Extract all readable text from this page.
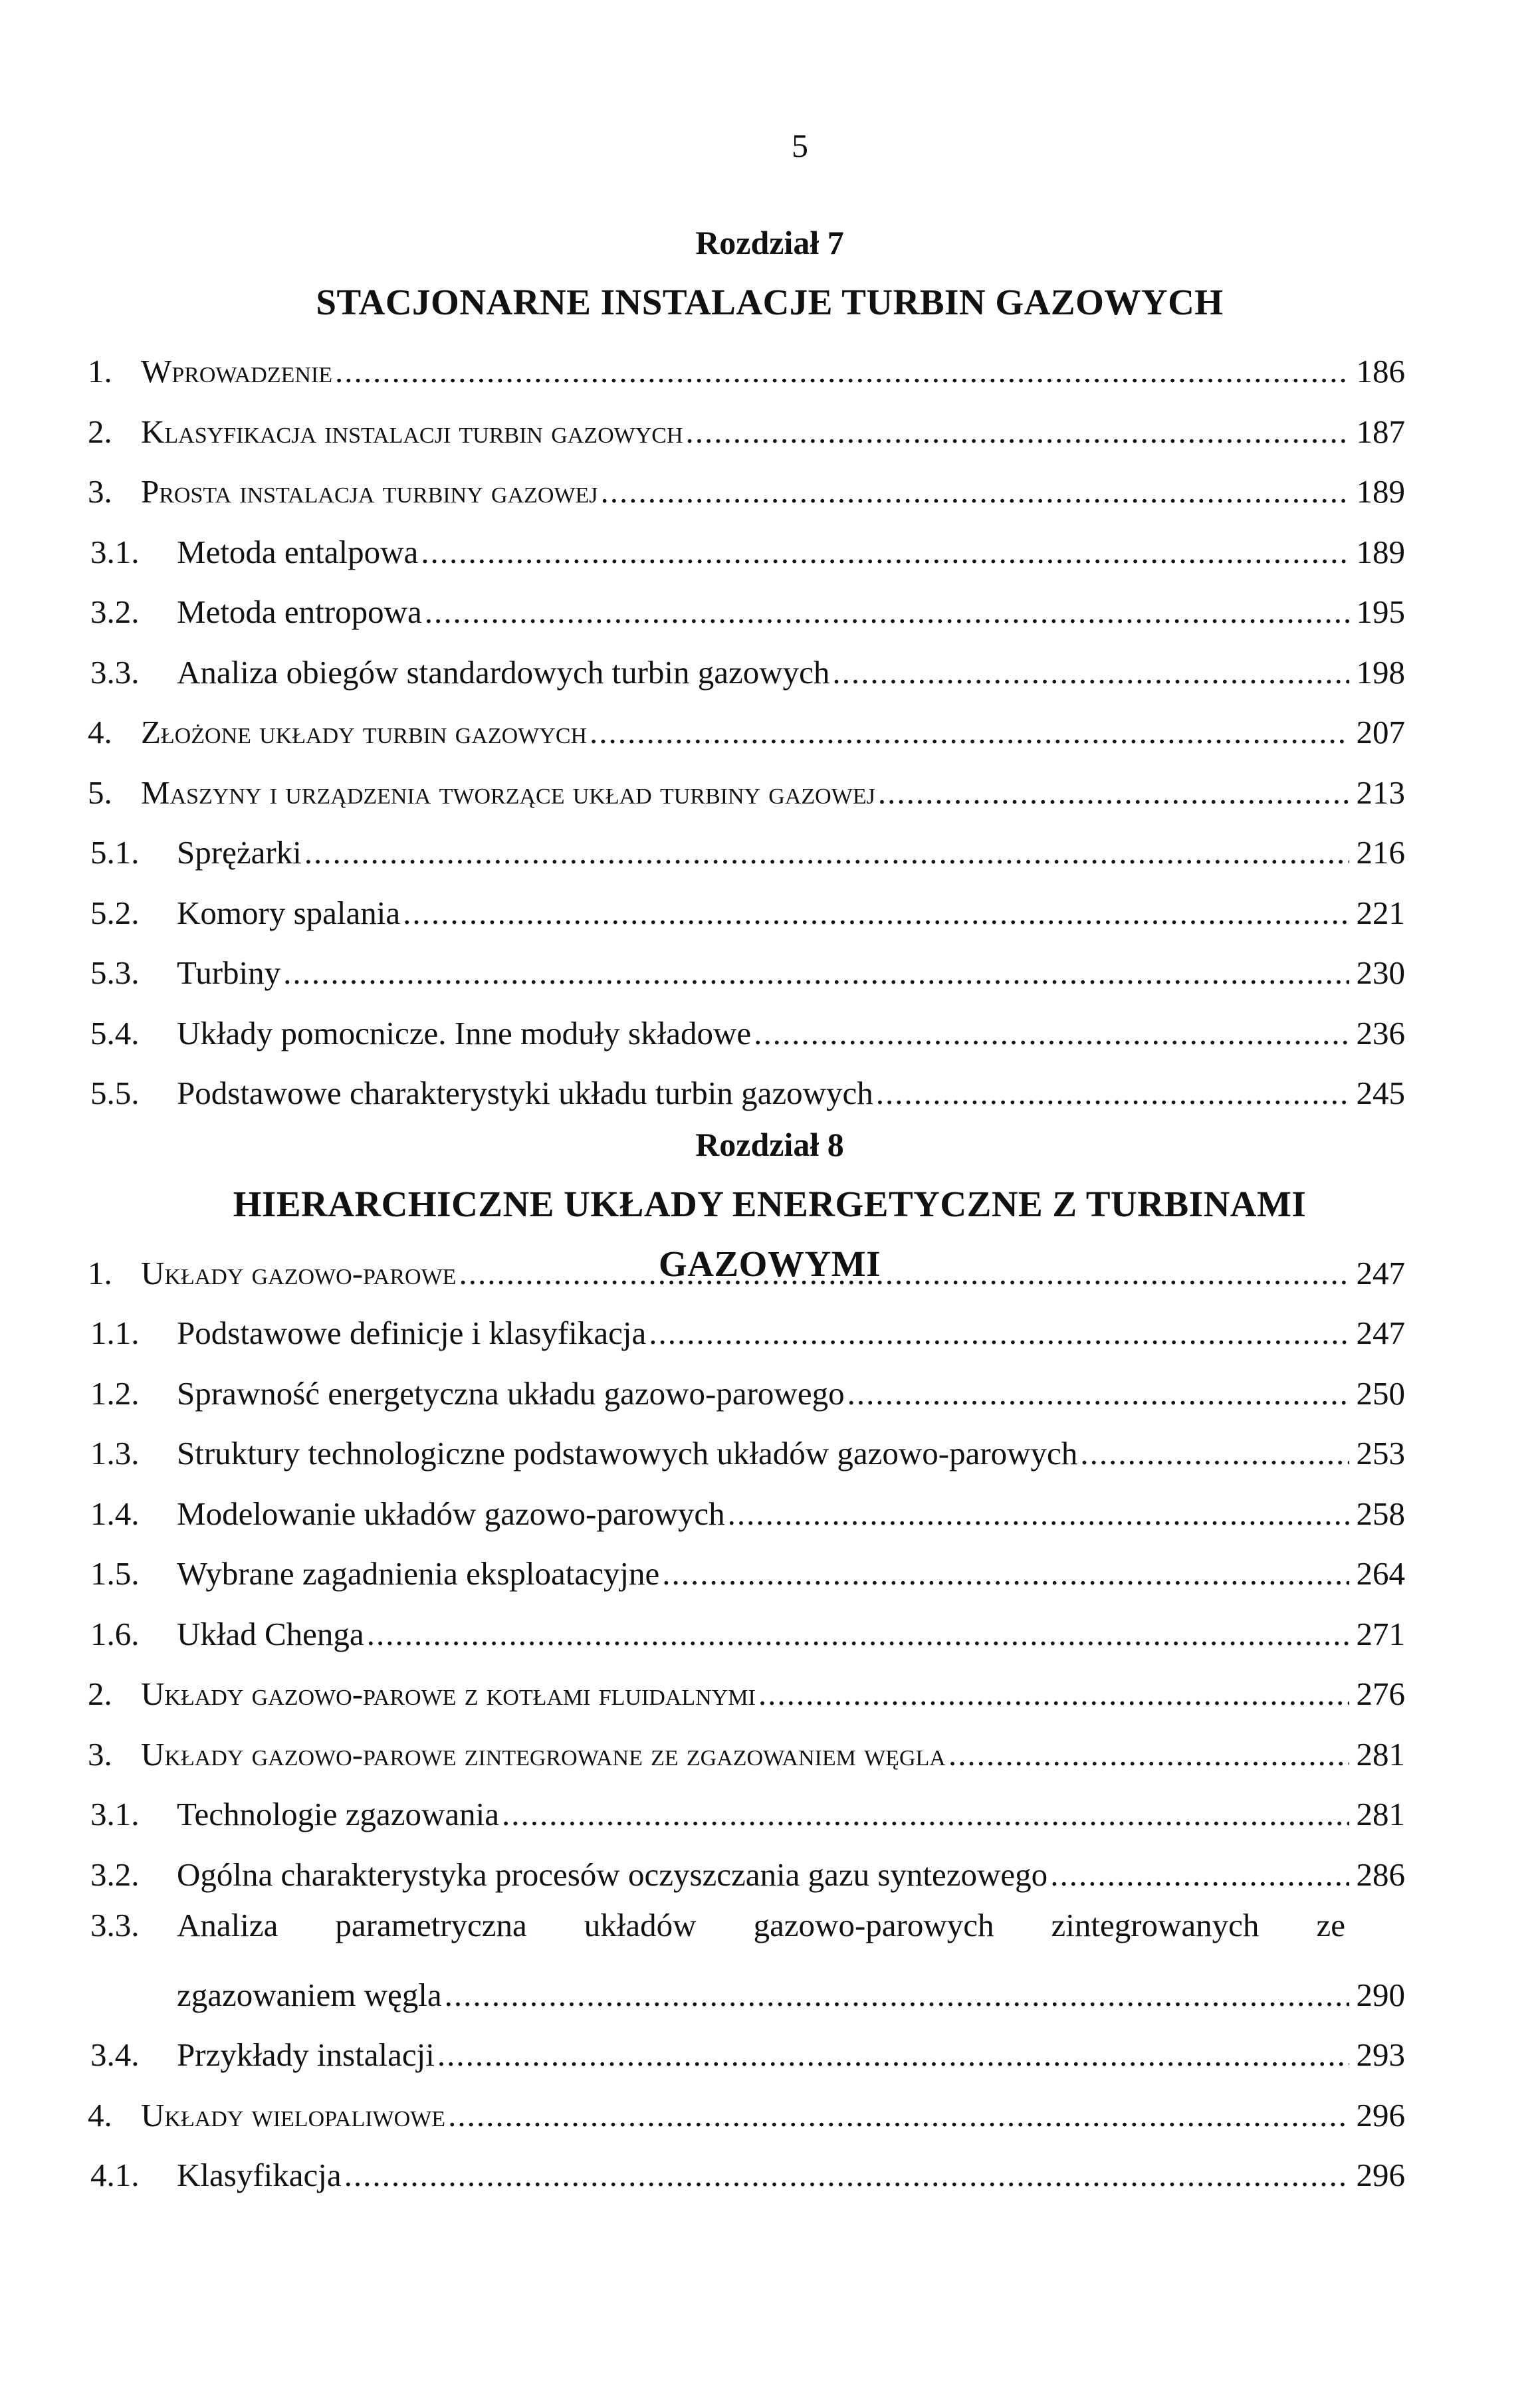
5
Rozdział 7
STACJONARNE INSTALACJE TURBIN GAZOWYCH
1. Wprowadzenie .....	186
2. Klasyfikacja instalacji turbin gazowych .....	187
3. Prosta instalacja turbiny gazowej .....	189
3.1.	Metoda entalpowa .....	189
3.2.	Metoda entropowa .....	195
3.3.	Analiza obiegów standardowych turbin gazowych .....	198
4. Złożone układy turbin gazowych .....	207
5. Maszyny i urządzenia tworzące układ turbiny gazowej .....	213
5.1.	Sprężarki .....	216
5.2.	Komory spalania .....	221
5.3.	Turbiny .....	230
5.4.	Układy pomocnicze. Inne moduły składowe .....	236
5.5.	Podstawowe charakterystyki układu turbin gazowych .....	245
Rozdział 8
HIERARCHICZNE UKŁADY ENERGETYCZNE Z TURBINAMI GAZOWYMI
1. Układy gazowo-parowe .....	247
1.1.	Podstawowe definicje i klasyfikacja .....	247
1.2.	Sprawność energetyczna układu gazowo-parowego .....	250
1.3.	Struktury technologiczne podstawowych układów gazowo-parowych .....	253
1.4.	Modelowanie układów gazowo-parowych .....	258
1.5.	Wybrane zagadnienia eksploatacyjne .....	264
1.6.	Układ Chenga .....	271
2. Układy gazowo-parowe z kotłami fluidalnymi .....	276
3. Układy gazowo-parowe zintegrowane ze zgazowaniem węgla .....	281
3.1.	Technologie zgazowania .....	281
3.2.	Ogólna charakterystyka procesów oczyszczania gazu syntezowego .....	286
3.3.	Analiza parametryczna układów gazowo-parowych zintegrowanych ze
zgazowaniem węgla .....	290
3.4.	Przykłady instalacji .....	293
4. Układy wielopaliwowe .....	296
4.1.	Klasyfikacja .....	296
